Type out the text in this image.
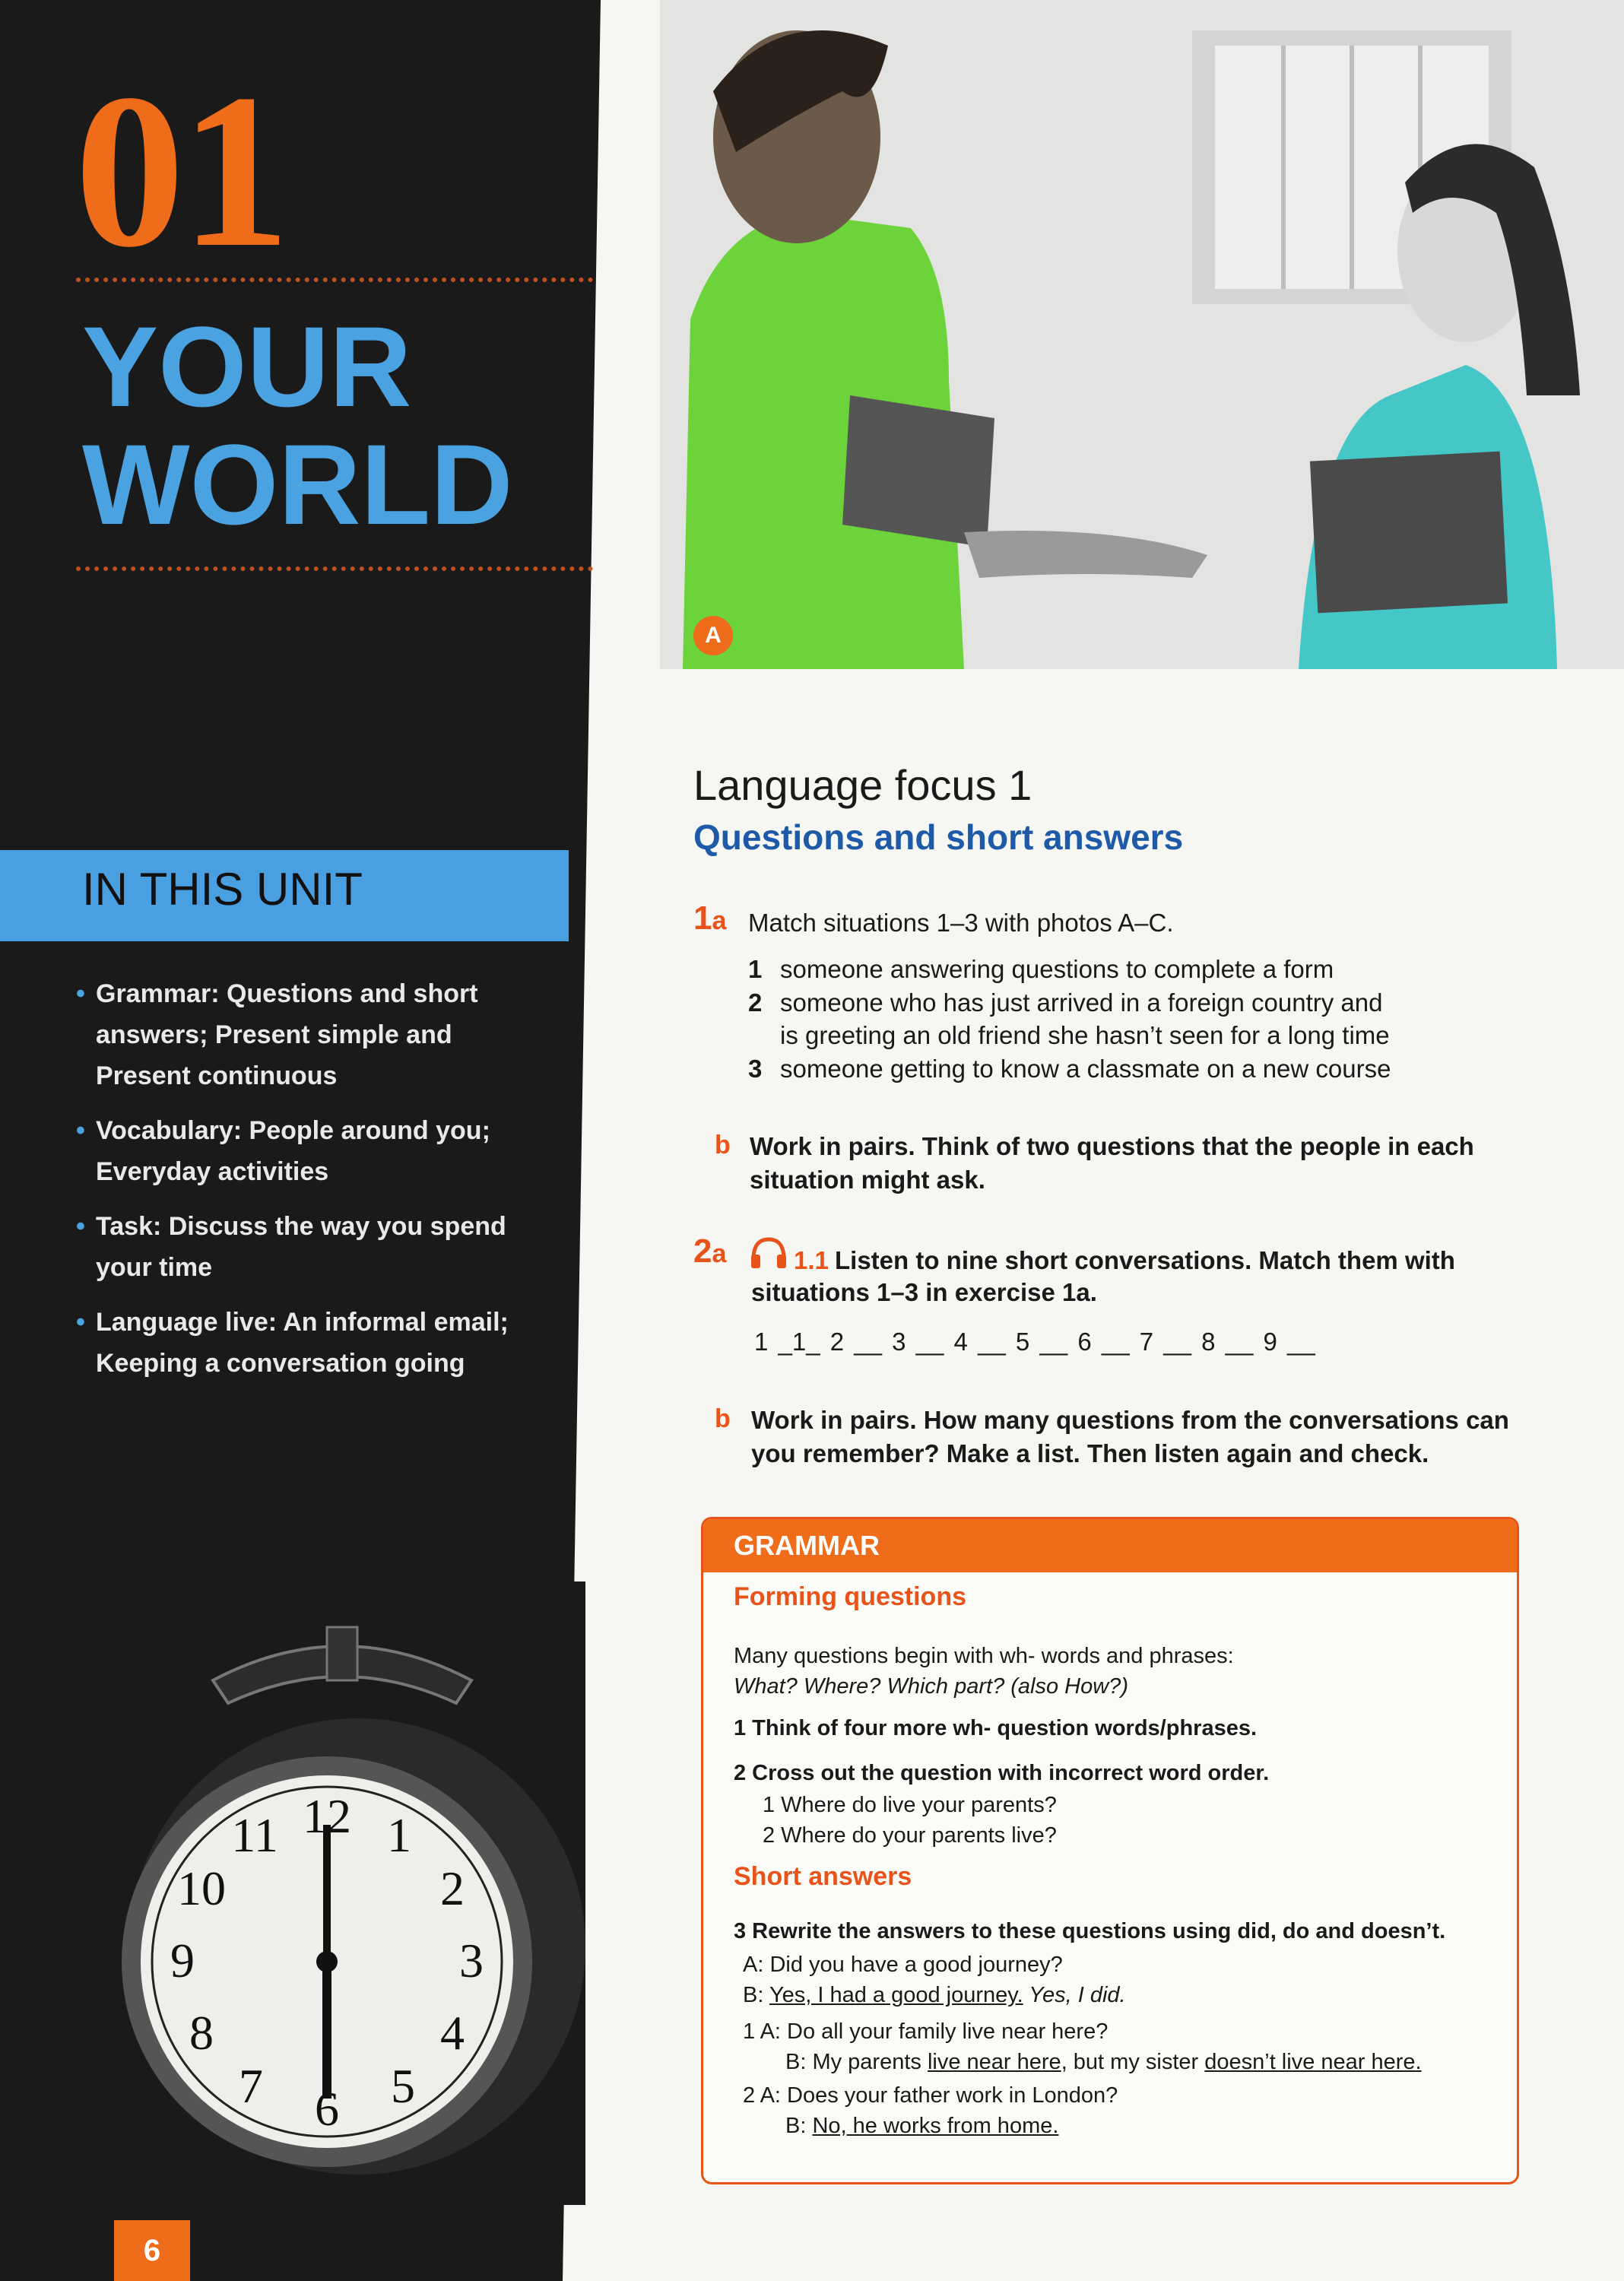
01
YOUR
WORLD
IN THIS UNIT
• Grammar: Questions and short answers; Present simple and Present continuous
• Vocabulary: People around you; Everyday activities
• Task: Discuss the way you spend your time
• Language live: An informal email; Keeping a conversation going
12 1
2
3
4
5
6
7
8
9
10
11
6
A
Language focus 1
Questions and short answers
1a Match situations 1–3 with photos A–C.
1 someone answering questions to complete a form
2 someone who has just arrived in a foreign country and
is greeting an old friend she hasn’t seen for a long time
3 someone getting to know a classmate on a new course
b Work in pairs. Think of two questions that the people in each
situation might ask.
2a	1.1 Listen to nine short conversations. Match them with
situations 1–3 in exercise 1a.
1 _1_ 2 __ 3 __ 4 __ 5 __ 6 __ 7 __ 8 __ 9 __
b Work in pairs. How many questions from the conversations can
you remember? Make a list. Then listen again and check.
GRAMMAR
Forming questions
Many questions begin with wh- words and phrases:
What? Where? Which part? (also How?)
1 Think of four more wh- question words/phrases.
2 Cross out the question with incorrect word order.
1 Where do live your parents?
2 Where do your parents live?
Short answers
3 Rewrite the answers to these questions using did, do and doesn’t.
A: Did you have a good journey?
B: Yes, I had a good journey. Yes, I did.
1 A: Do all your family live near here?
B: My parents live near here, but my sister doesn’t live near here.
2 A: Does your father work in London?
B: No, he works from home.
